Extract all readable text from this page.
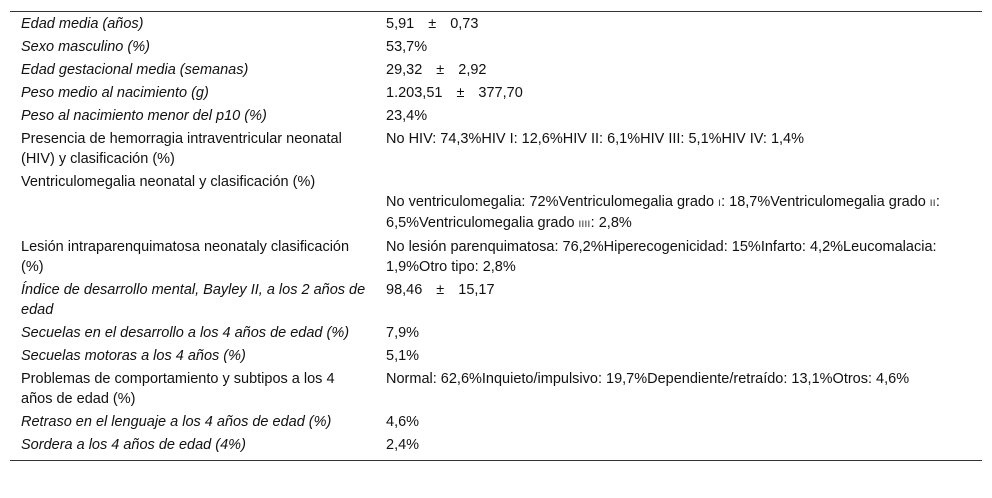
Edad media (años)	5,91 ± 0,73
Sexo masculino (%)	53,7%
Edad gestacional media (semanas)	29,32 ± 2,92
Peso medio al nacimiento (g)	1.203,51 ± 377,70
Peso al nacimiento menor del p10 (%)	23,4%
Presencia de hemorragia intraventricular neonatal (HIV) y clasificación (%)	No HIV: 74,3%HIV I: 12,6%HIV II: 6,1%HIV III: 5,1%HIV IV: 1,4%
Ventriculomegalia neonatal y clasificación (%)	No ventriculomegalia: 72%Ventriculomegalia grado I: 18,7%Ventriculomegalia grado II: 6,5%Ventriculomegalia grado IIII: 2,8%
Lesión intraparenquimatosa neonataly clasificación (%)	No lesión parenquimatosa: 76,2%Hiperecogenicidad: 15%Infarto: 4,2%Leucomalacia: 1,9%Otro tipo: 2,8%
Índice de desarrollo mental, Bayley II, a los 2 años de edad	98,46 ± 15,17
Secuelas en el desarrollo a los 4 años de edad (%)	7,9%
Secuelas motoras a los 4 años (%)	5,1%
Problemas de comportamiento y subtipos a los 4 años de edad (%)	Normal: 62,6%Inquieto/impulsivo: 19,7%Dependiente/retraído: 13,1%Otros: 4,6%
Retraso en el lenguaje a los 4 años de edad (%)	4,6%
Sordera a los 4 años de edad (4%)	2,4%
